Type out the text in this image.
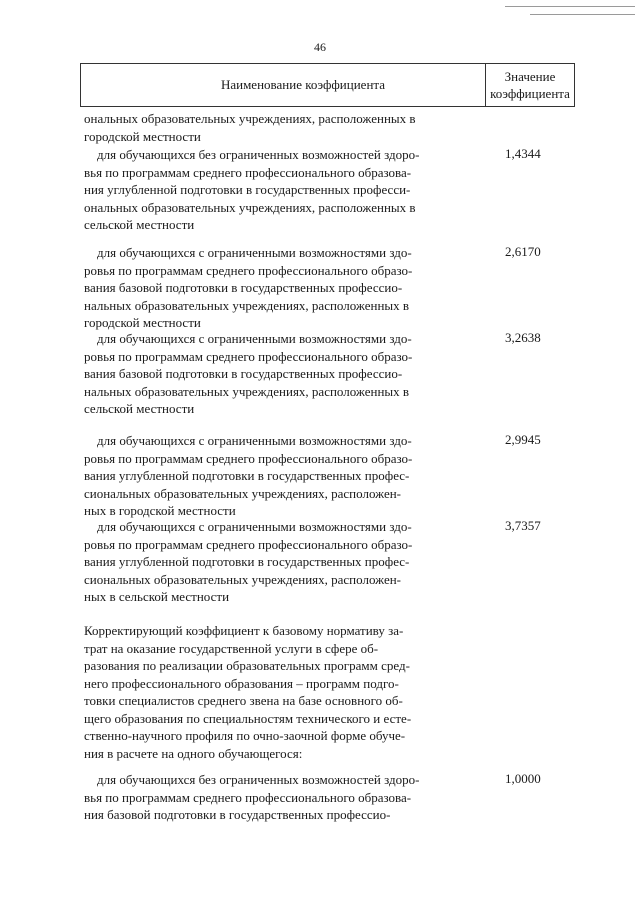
46
Наименование коэффициента
Значение
коэффициента
ональных образовательных учреждениях, расположенных в
городской местности
для обучающихся без ограниченных возможностей здоро-
вья по программам среднего профессионального образова-
ния углубленной подготовки в государственных професси-
ональных образовательных учреждениях, расположенных в
сельской местности
1,4344
для обучающихся с ограниченными возможностями здо-
ровья по программам среднего профессионального образо-
вания базовой подготовки в государственных профессио-
нальных образовательных учреждениях, расположенных в
городской местности
2,6170
для обучающихся с ограниченными возможностями здо-
ровья по программам среднего профессионального образо-
вания базовой подготовки в государственных профессио-
нальных образовательных учреждениях, расположенных в
сельской местности
3,2638
для обучающихся с ограниченными возможностями здо-
ровья по программам среднего профессионального образо-
вания углубленной подготовки в государственных профес-
сиональных образовательных учреждениях, расположен-
ных в городской местности
2,9945
для обучающихся с ограниченными возможностями здо-
ровья по программам среднего профессионального образо-
вания углубленной подготовки в государственных профес-
сиональных образовательных учреждениях, расположен-
ных в сельской местности
3,7357
Корректирующий коэффициент к базовому нормативу за-
трат на оказание государственной услуги в сфере об-
разования по реализации образовательных программ сред-
него профессионального образования – программ подго-
товки специалистов среднего звена на базе основного об-
щего образования по специальностям технического и есте-
ственно-научного профиля по очно-заочной форме обуче-
ния в расчете на одного обучающегося:
для обучающихся без ограниченных возможностей здоро-
вья по программам среднего профессионального образова-
ния базовой подготовки в государственных профессио-
1,0000
